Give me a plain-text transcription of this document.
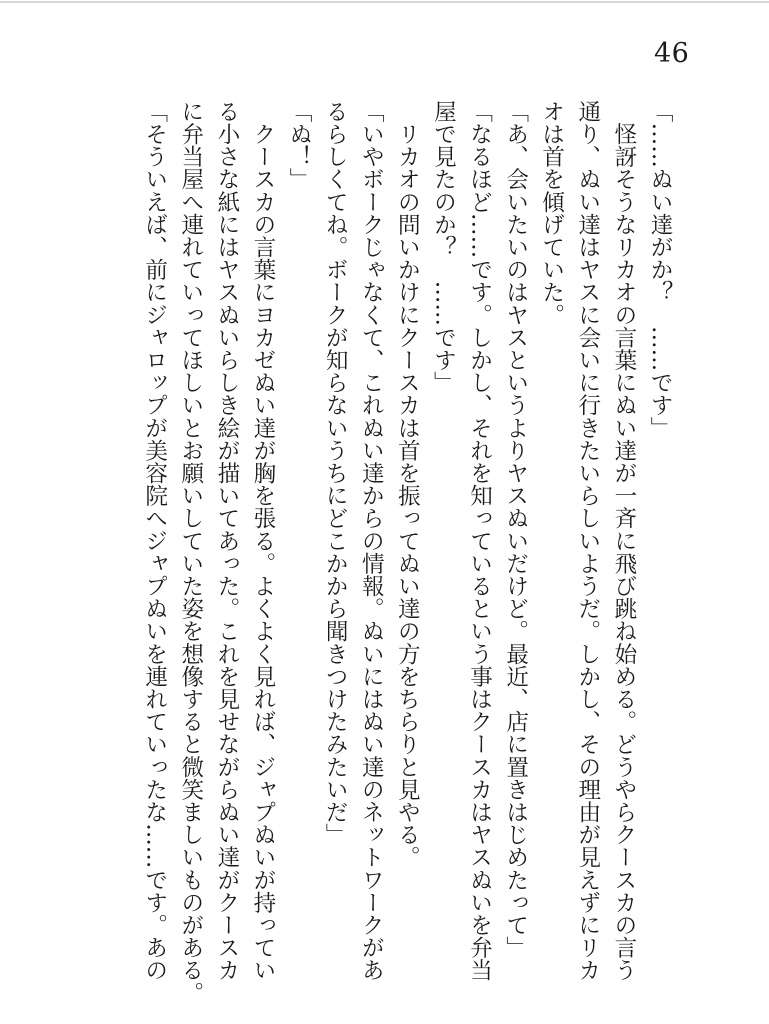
46
「……ぬい達がか？　……です」
　怪訝そうなリカオの言葉にぬい達が一斉に飛び跳ね始める。どうやらクースカの言う
通り、ぬい達はヤスに会いに行きたいらしいようだ。しかし、その理由が見えずにリカ
オは首を傾げていた。
「あ、会いたいのはヤスというよりヤスぬいだけど。最近、店に置きはじめたって」
「なるほど……です。しかし、それを知っているという事はクースカはヤスぬいを弁当
屋で見たのか？　……です」
　リカオの問いかけにクースカは首を振ってぬい達の方をちらりと見やる。
「いやボークじゃなくて、これぬい達からの情報。ぬいにはぬい達のネットワークがあ
るらしくてね。ボークが知らないうちにどこかから聞きつけたみたいだ」
「ぬ！」
　クースカの言葉にヨカゼぬい達が胸を張る。よくよく見れば、ジャプぬいが持ってい
る小さな紙にはヤスぬいらしき絵が描いてあった。これを見せながらぬい達がクースカ
に弁当屋へ連れていってほしいとお願いしていた姿を想像すると微笑ましいものがある。
「そういえば、前にジャロップが美容院へジャプぬいを連れていったな……です。あの
